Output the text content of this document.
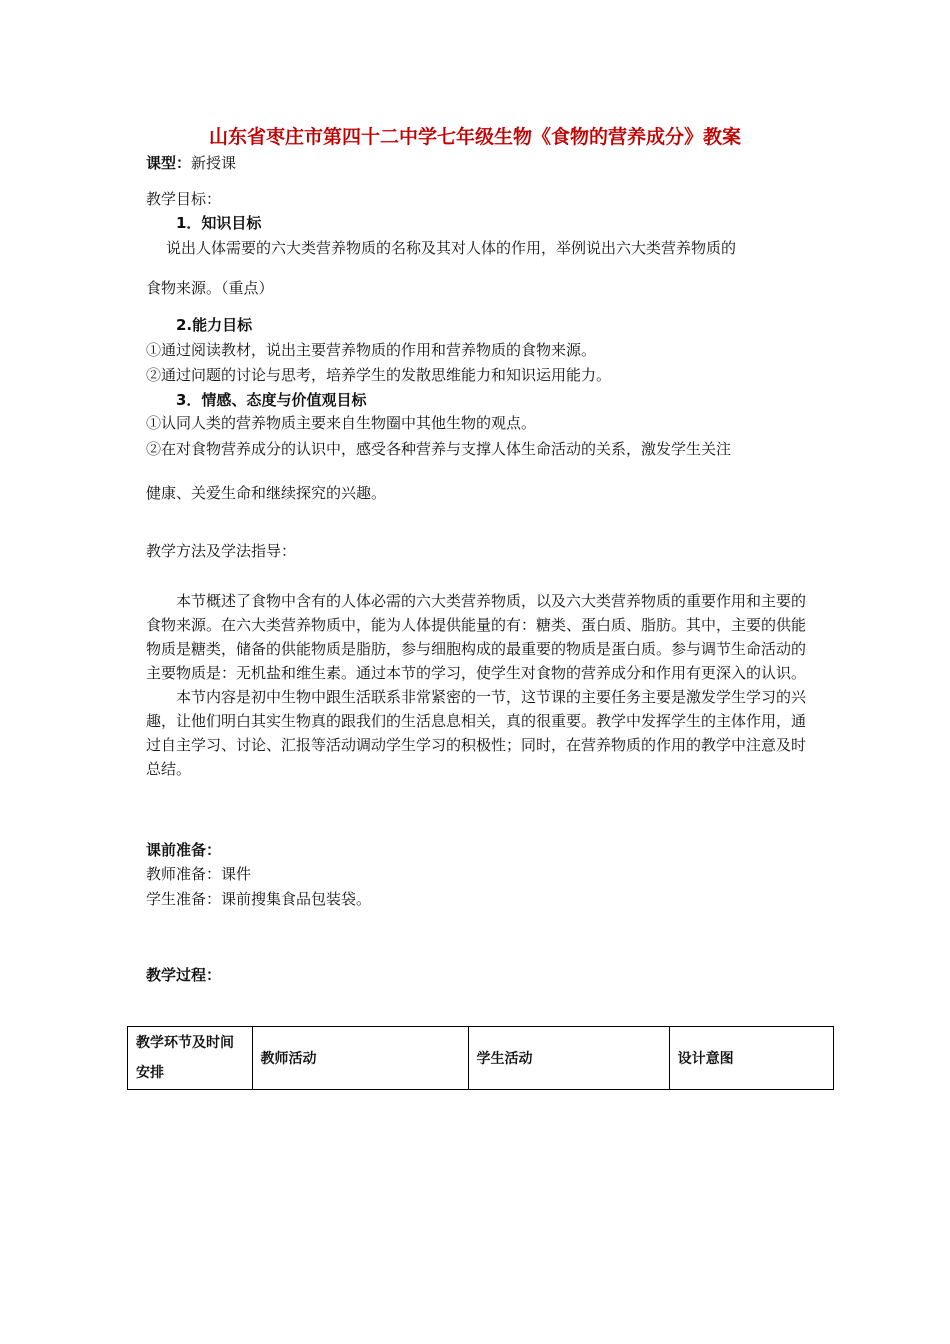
山东省枣庄市第四十二中学七年级生物《食物的营养成分》教案
课型：新授课
教学目标：
1．知识目标
说出人体需要的六大类营养物质的名称及其对人体的作用，举例说出六大类营养物质的
食物来源。（重点）
2.能力目标
①通过阅读教材，说出主要营养物质的作用和营养物质的食物来源。
②通过问题的讨论与思考，培养学生的发散思维能力和知识运用能力。
3．情感、态度与价值观目标
①认同人类的营养物质主要来自生物圈中其他生物的观点。
②在对食物营养成分的认识中，感受各种营养与支撑人体生命活动的关系，激发学生关注
健康、关爱生命和继续探究的兴趣。
教学方法及学法指导：

本节概述了食物中含有的人体必需的六大类营养物质，以及六大类营养物质的重要作用和主要的食物来源。在六大类营养物质中，能为人体提供能量的有：糖类、蛋白质、脂肪。其中，主要的供能物质是糖类，储备的供能物质是脂肪，参与细胞构成的最重要的物质是蛋白质。参与调节生命活动的主要物质是：无机盐和维生素。通过本节的学习，使学生对食物的营养成分和作用有更深入的认识。

本节内容是初中生物中跟生活联系非常紧密的一节，这节课的主要任务主要是激发学生学习的兴趣，让他们明白其实生物真的跟我们的生活息息相关，真的很重要。教学中发挥学生的主体作用，通过自主学习、讨论、汇报等活动调动学生学习的积极性；同时，在营养物质的作用的教学中注意及时总结。

课前准备：
教师准备：课件
学生准备：课前搜集食品包装袋。
教学过程：
教学环节及时间安排	教师活动	学生活动	设计意图
